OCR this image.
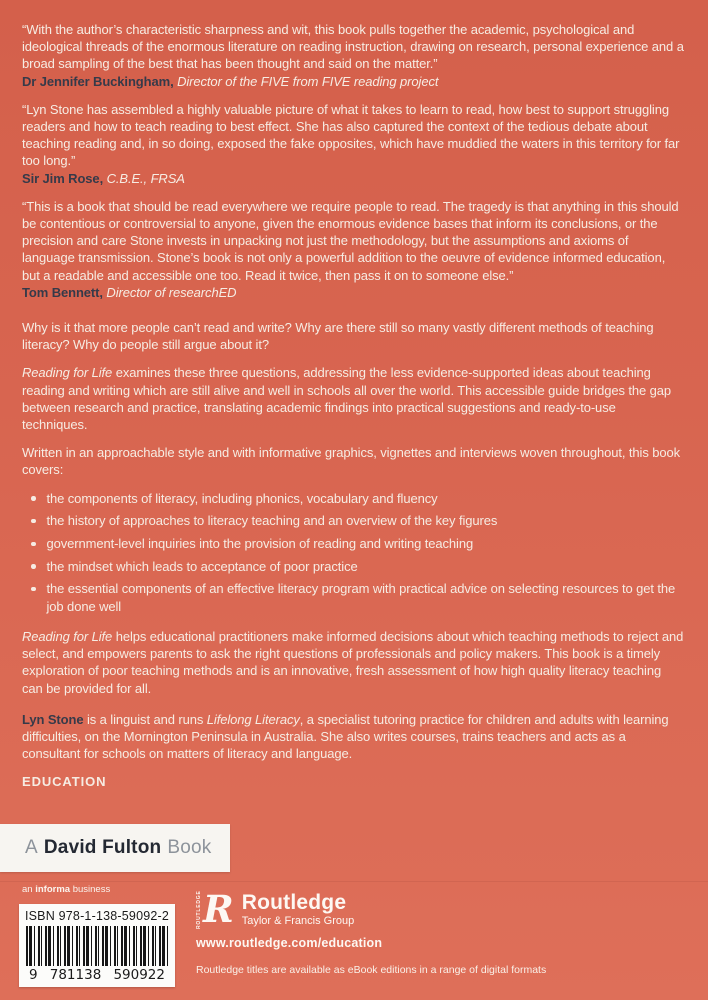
“With the author’s characteristic sharpness and wit, this book pulls together the academic, psychological and ideological threads of the enormous literature on reading instruction, drawing on research, personal experience and a broad sampling of the best that has been thought and said on the matter.”

Dr Jennifer Buckingham, Director of the FIVE from FIVE reading project

“Lyn Stone has assembled a highly valuable picture of what it takes to learn to read, how best to support struggling readers and how to teach reading to best effect. She has also captured the context of the tedious debate about teaching reading and, in so doing, exposed the fake opposites, which have muddied the waters in this territory for far too long.”

Sir Jim Rose, C.B.E., FRSA

“This is a book that should be read everywhere we require people to read. The tragedy is that anything in this should be contentious or controversial to anyone, given the enormous evidence bases that inform its conclusions, or the precision and care Stone invests in unpacking not just the methodology, but the assumptions and axioms of language transmission. Stone’s book is not only a powerful addition to the oeuvre of evidence informed education, but a readable and accessible one too. Read it twice, then pass it on to someone else.”

Tom Bennett, Director of researchED

Why is it that more people can’t read and write? Why are there still so many vastly different methods of teaching literacy? Why do people still argue about it?

Reading for Life examines these three questions, addressing the less evidence-supported ideas about teaching reading and writing which are still alive and well in schools all over the world. This accessible guide bridges the gap between research and practice, translating academic findings into practical suggestions and ready-to-use techniques.

Written in an approachable style and with informative graphics, vignettes and interviews woven throughout, this book covers:

the components of literacy, including phonics, vocabulary and fluency
the history of approaches to literacy teaching and an overview of the key figures
government-level inquiries into the provision of reading and writing teaching
the mindset which leads to acceptance of poor practice
the essential components of an effective literacy program with practical advice on selecting resources to get the job done well

Reading for Life helps educational practitioners make informed decisions about which teaching methods to reject and select, and empowers parents to ask the right questions of professionals and policy makers. This book is a timely exploration of poor teaching methods and is an innovative, fresh assessment of how high quality literacy teaching can be provided for all.

Lyn Stone is a linguist and runs Lifelong Literacy, a specialist tutoring practice for children and adults with learning difficulties, on the Mornington Peninsula in Australia. She also writes courses, trains teachers and acts as a consultant for schools on matters of literacy and language.

EDUCATION
A David Fulton Book
an informa business
ISBN 978-1-138-59092-2
9 781138 590922
ROUTLEDGE R Routledge
Taylor & Francis Group
www.routledge.com/education
Routledge titles are available as eBook editions in a range of digital formats
